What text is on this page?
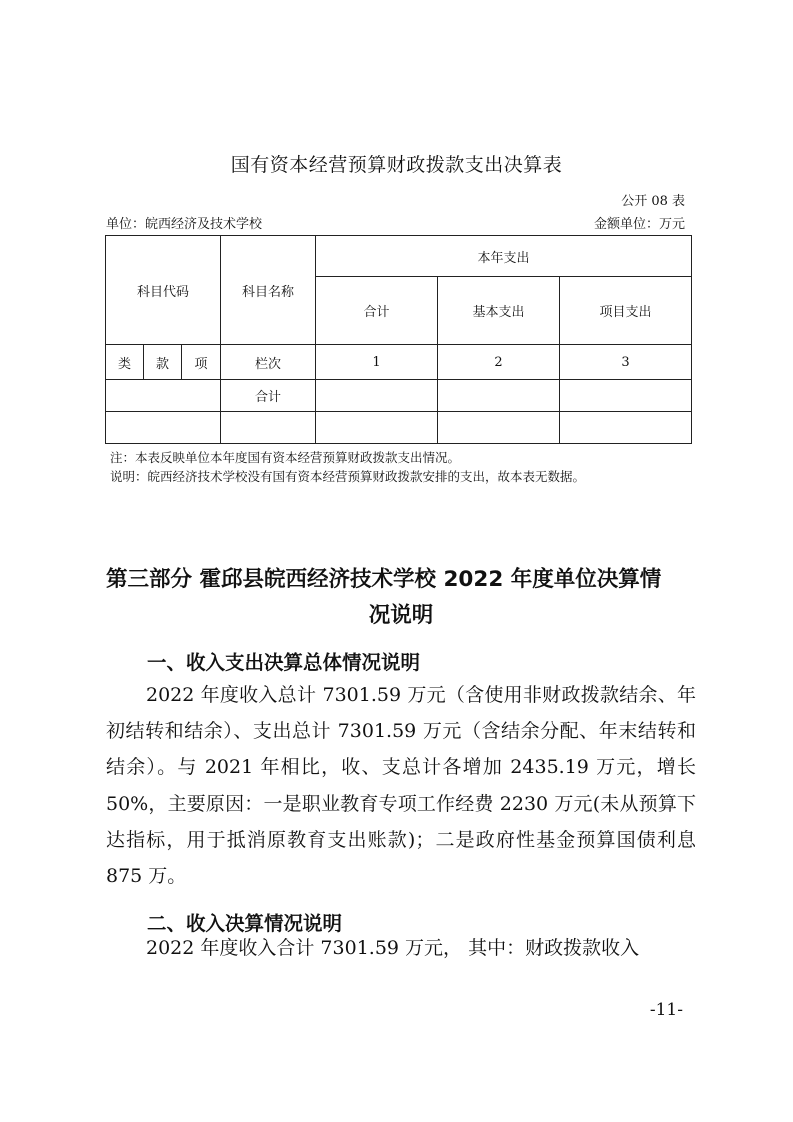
国有资本经营预算财政拨款支出决算表
公开 08 表
单位：皖西经济及技术学校	金额单位：万元
科目代码			科目名称	本年支出		
				合计	基本支出	项目支出
类	款	项	栏次	1	2	3
			合计			

注：本表反映单位本年度国有资本经营预算财政拨款支出情况。
说明：皖西经济技术学校没有国有资本经营预算财政拨款安排的支出，故本表无数据。
第三部分 霍邱县皖西经济技术学校 2022 年度单位决算情
况说明
一、收入支出决算总体情况说明

2022 年度收入总计 7301.59 万元（含使用非财政拨款结余、年初结转和结余）、支出总计 7301.59 万元（含结余分配、年末结转和结余）。与 2021 年相比，收、支总计各增加 2435.19 万元，增长 50%，主要原因：一是职业教育专项工作经费 2230 万元(未从预算下达指标，用于抵消原教育支出账款)；二是政府性基金预算国债利息 875 万。

2022 年度收入合计 7301.59 万元， 其中：财政拨款收入

二、收入决算情况说明
-11-
